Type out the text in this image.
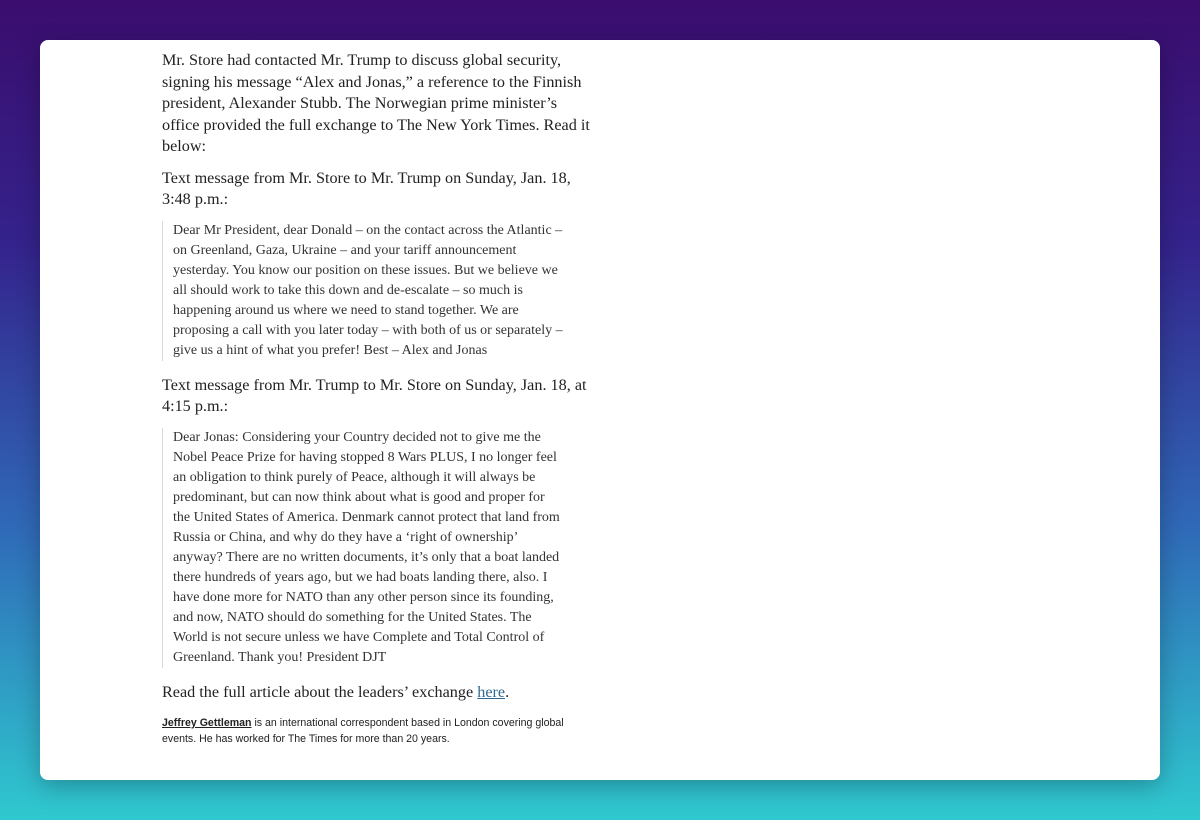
Mr. Store had contacted Mr. Trump to discuss global security, signing his message “Alex and Jonas,” a reference to the Finnish president, Alexander Stubb. The Norwegian prime minister’s office provided the full exchange to The New York Times. Read it below:

Text message from Mr. Store to Mr. Trump on Sunday, Jan. 18, 3:48 p.m.:

Dear Mr President, dear Donald – on the contact across the Atlantic – on Greenland, Gaza, Ukraine – and your tariff announcement yesterday. You know our position on these issues. But we believe we all should work to take this down and de-escalate – so much is happening around us where we need to stand together. We are proposing a call with you later today – with both of us or separately – give us a hint of what you prefer! Best – Alex and Jonas

Text message from Mr. Trump to Mr. Store on Sunday, Jan. 18, at 4:15 p.m.:

Dear Jonas: Considering your Country decided not to give me the Nobel Peace Prize for having stopped 8 Wars PLUS, I no longer feel an obligation to think purely of Peace, although it will always be predominant, but can now think about what is good and proper for the United States of America. Denmark cannot protect that land from Russia or China, and why do they have a ‘right of ownership’ anyway? There are no written documents, it’s only that a boat landed there hundreds of years ago, but we had boats landing there, also. I have done more for NATO than any other person since its founding, and now, NATO should do something for the United States. The World is not secure unless we have Complete and Total Control of Greenland. Thank you! President DJT

Read the full article about the leaders’ exchange here.

Jeffrey Gettleman is an international correspondent based in London covering global events. He has worked for The Times for more than 20 years.
